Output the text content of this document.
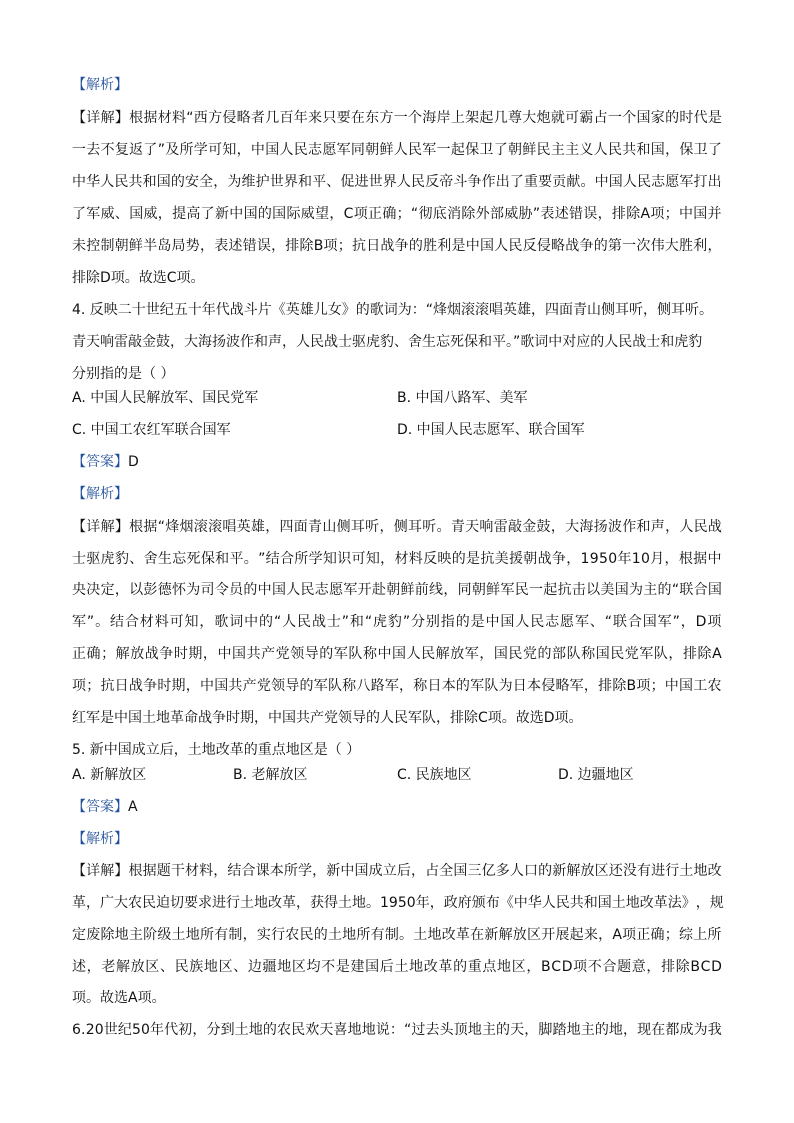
【解析】
【 详 解 】 根 据 材 料 “ 西 方 侵 略 者 几 百 年 来 只 要 在 东 方 一 个 海 岸 上 架 起 几 尊 大 炮 就 可 霸 占 一 个 国 家 的 时 代 是
一 去 不 复 返 了 ” 及 所 学 可 知 ， 中 国 人 民 志 愿 军 同 朝 鲜 人 民 军 一 起 保 卫 了 朝 鲜 民 主 主 义 人 民 共 和 国 ， 保 卫 了
中 华 人 民 共 和 国 的 安 全 ， 为 维 护 世 界 和 平 、 促 进 世 界 人 民 反 帝 斗 争 作 出 了 重 要 贡 献 。 中 国 人 民 志 愿 军 打 出
了 军 威 、 国 威 ， 提 高 了 新 中 国 的 国 际 威 望 ， C 项 正 确 ； “ 彻 底 消 除 外 部 威 胁 ” 表 述 错 误 ， 排 除 A 项 ； 中 国 并
未 控 制 朝 鲜 半 岛 局 势 ， 表 述 错 误 ， 排 除 B 项 ； 抗 日 战 争 的 胜 利 是 中 国 人 民 反 侵 略 战 争 的 第 一 次 伟 大 胜 利 ，
排除D项。故选C项。
4. 反映二十世纪五十年代战斗片《英雄儿女》的歌词为：“烽烟滚滚唱英雄，四面青山侧耳听，侧耳听。
青天响雷敲金鼓，大海扬波作和声，人民战士驱虎豹、舍生忘死保和平。”歌词中对应的人民战士和虎豹
分别指的是（ ）
A. 中国人民解放军、国民党军	B. 中国八路军、美军
C. 中国工农红军联合国军	D. 中国人民志愿军、联合国军
【答案】D
【解析】
【 详 解 】 根 据 “ 烽 烟 滚 滚 唱 英 雄 ， 四 面 青 山 侧 耳 听 ， 侧 耳 听 。 青 天 响 雷 敲 金 鼓 ， 大 海 扬 波 作 和 声 ， 人 民 战
士 驱 虎 豹 、 舍 生 忘 死 保 和 平 。 ” 结 合 所 学 知 识 可 知 ， 材 料 反 映 的 是 抗 美 援 朝 战 争 ， 1 9 5 0 年 1 0 月 ， 根 据 中
央 决 定 ， 以 彭 德 怀 为 司 令 员 的 中 国 人 民 志 愿 军 开 赴 朝 鲜 前 线 ， 同 朝 鲜 军 民 一 起 抗 击 以 美 国 为 主 的 “ 联 合 国
军 ” 。 结 合 材 料 可 知 ， 歌 词 中 的 “ 人 民 战 士 ” 和 “ 虎 豹 ” 分 别 指 的 是 中 国 人 民 志 愿 军 、 “ 联 合 国 军 ” ， D 项
正 确 ； 解 放 战 争 时 期 ， 中 国 共 产 党 领 导 的 军 队 称 中 国 人 民 解 放 军 ， 国 民 党 的 部 队 称 国 民 党 军 队 ， 排 除 A
项 ； 抗 日 战 争 时 期 ， 中 国 共 产 党 领 导 的 军 队 称 八 路 军 ， 称 日 本 的 军 队 为 日 本 侵 略 军 ， 排 除 B 项 ； 中 国 工 农
红军是中国土地革命战争时期，中国共产党领导的人民军队，排除C项。故选D项。
5. 新中国成立后，土地改革的重点地区是（ ）
A. 新解放区	B. 老解放区	C. 民族地区	D. 边疆地区
【答案】A
【解析】
【 详 解 】 根 据 题 干 材 料 ， 结 合 课 本 所 学 ， 新 中 国 成 立 后 ， 占 全 国 三 亿 多 人 口 的 新 解 放 区 还 没 有 进 行 土 地 改
革 ， 广 大 农 民 迫 切 要 求 进 行 土 地 改 革 ， 获 得 土 地 。 1 9 5 0 年 ， 政 府 颁 布 《 中 华 人 民 共 和 国 土 地 改 革 法 》 ， 规
定 废 除 地 主 阶 级 土 地 所 有 制 ， 实 行 农 民 的 土 地 所 有 制 。 土 地 改 革 在 新 解 放 区 开 展 起 来 ， A 项 正 确 ； 综 上 所
述 ， 老 解 放 区 、 民 族 地 区 、 边 疆 地 区 均 不 是 建 国 后 土 地 改 革 的 重 点 地 区 ， B C D 项 不 合 题 意 ， 排 除 B C D
项。故选A项。
6 . 2 0 世 纪 5 0 年 代 初 ， 分 到 土 地 的 农 民 欢 天 喜 地 地 说 ： “ 过 去 头 顶 地 主 的 天 ， 脚 踏 地 主 的 地 ， 现 在 都 成 为 我
